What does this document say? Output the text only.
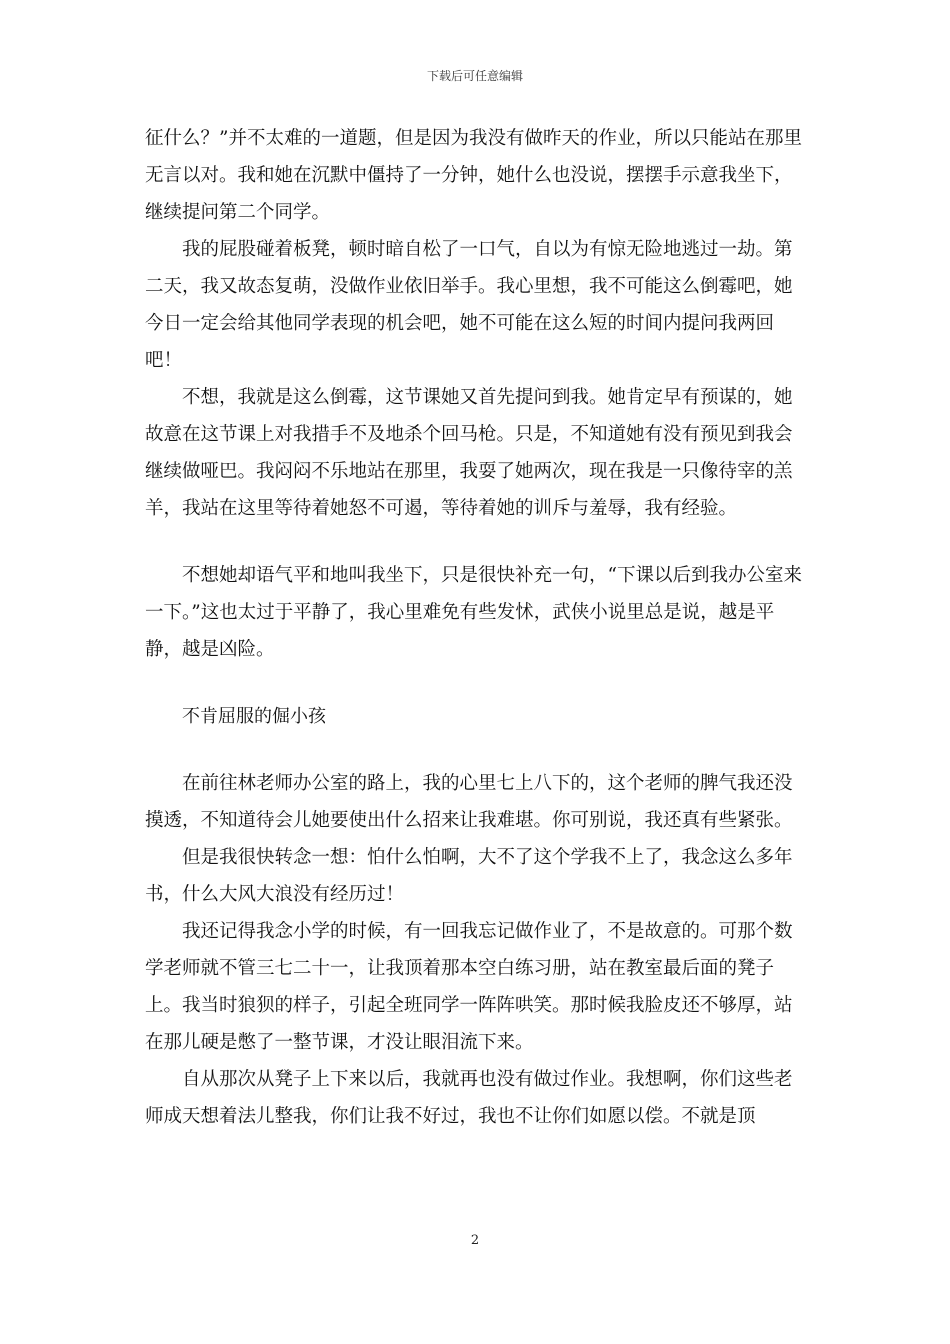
下载后可任意编辑

征什么？”并不太难的一道题，但是因为我没有做昨天的作业，所以只能站在那里无言以对。我和她在沉默中僵持了一分钟，她什么也没说，摆摆手示意我坐下，继续提问第二个同学。

我的屁股碰着板凳，顿时暗自松了一口气，自以为有惊无险地逃过一劫。第二天，我又故态复萌，没做作业依旧举手。我心里想，我不可能这么倒霉吧，她今日一定会给其他同学表现的机会吧，她不可能在这么短的时间内提问我两回吧！

不想，我就是这么倒霉，这节课她又首先提问到我。她肯定早有预谋的，她故意在这节课上对我措手不及地杀个回马枪。只是，不知道她有没有预见到我会继续做哑巴。我闷闷不乐地站在那里，我耍了她两次，现在我是一只像待宰的羔羊，我站在这里等待着她怒不可遏，等待着她的训斥与羞辱，我有经验。

不想她却语气平和地叫我坐下，只是很快补充一句，“下课以后到我办公室来一下。”这也太过于平静了，我心里难免有些发怵，武侠小说里总是说，越是平静，越是凶险。

不肯屈服的倔小孩

在前往林老师办公室的路上，我的心里七上八下的，这个老师的脾气我还没摸透，不知道待会儿她要使出什么招来让我难堪。你可别说，我还真有些紧张。

但是我很快转念一想：怕什么怕啊，大不了这个学我不上了，我念这么多年书，什么大风大浪没有经历过！

我还记得我念小学的时候，有一回我忘记做作业了，不是故意的。可那个数学老师就不管三七二十一，让我顶着那本空白练习册，站在教室最后面的凳子上。我当时狼狈的样子，引起全班同学一阵阵哄笑。那时候我脸皮还不够厚，站在那儿硬是憋了一整节课，才没让眼泪流下来。

自从那次从凳子上下来以后，我就再也没有做过作业。我想啊，你们这些老师成天想着法儿整我，你们让我不好过，我也不让你们如愿以偿。不就是顶

2
